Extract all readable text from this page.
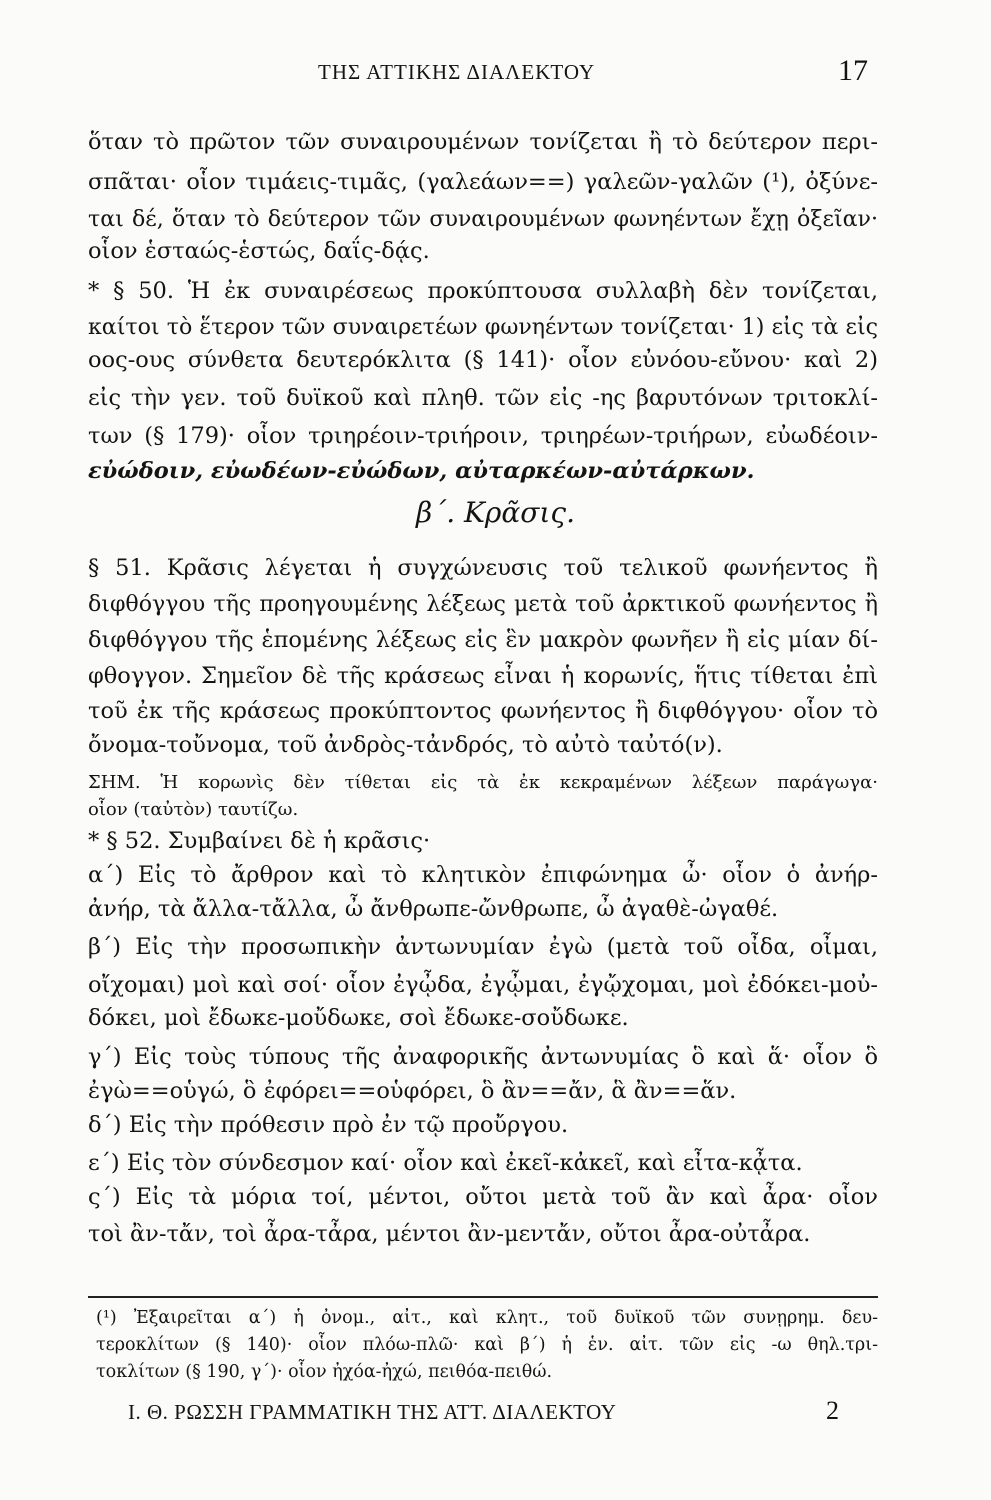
ΤΗΣ ΑΤΤΙΚΗΣ ΔΙΑΛΕΚΤΟΥ	17
ὅταν τὸ πρῶτον τῶν συναιρουμένων τονίζεται ἢ τὸ δεύτερον περι-
σπᾶται· οἷον τιμάεις-τιμᾶς, (γαλεάων==) γαλεῶν-γαλῶν (¹), ὀξύνε-
ται δέ, ὅταν τὸ δεύτερον τῶν συναιρουμένων φωνηέντων ἔχῃ ὀξεῖαν·
οἷον ἑσταώς-ἑστώς, δαΐς-δᾴς.
* § 50. Ἡ ἐκ συναιρέσεως προκύπτουσα συλλαβὴ δὲν τονίζεται,
καίτοι τὸ ἕτερον τῶν συναιρετέων φωνηέντων τονίζεται· 1) εἰς τὰ εἰς
οος-ους σύνθετα δευτερόκλιτα (§ 141)· οἷον εὐνόου-εὔνου· καὶ 2)
εἰς τὴν γεν. τοῦ δυϊκοῦ καὶ πληθ. τῶν εἰς -ης βαρυτόνων τριτοκλί-
των (§ 179)· οἷον τριηρέοιν-τριήροιν, τριηρέων-τριήρων, εὐωδέοιν-
εὐώδοιν, εὐωδέων-εὐώδων, αὐταρκέων-αὐτάρκων.
β΄. Κρᾶσις.
§ 51. Κρᾶσις λέγεται ἡ συγχώνευσις τοῦ τελικοῦ φωνήεντος ἢ
διφθόγγου τῆς προηγουμένης λέξεως μετὰ τοῦ ἀρκτικοῦ φωνήεντος ἢ
διφθόγγου τῆς ἑπομένης λέξεως εἰς ἓν μακρὸν φωνῆεν ἢ εἰς μίαν δί-
φθογγον. Σημεῖον δὲ τῆς κράσεως εἶναι ἡ κορωνίς, ἥτις τίθεται ἐπὶ
τοῦ ἐκ τῆς κράσεως προκύπτοντος φωνήεντος ἢ διφθόγγου· οἷον τὸ
ὄνομα-τοὔνομα, τοῦ ἀνδρὸς-τἀνδρός, τὸ αὐτὸ ταὐτό(ν).
ΣΗΜ. Ἡ κορωνὶς δὲν τίθεται εἰς τὰ ἐκ κεκραμένων λέξεων παράγωγα·
οἷον (ταὐτὸν) ταυτίζω.
* § 52. Συμβαίνει δὲ ἡ κρᾶσις·
α΄) Εἰς τὸ ἄρθρον καὶ τὸ κλητικὸν ἐπιφώνημα ὦ· οἷον ὁ ἀνήρ-
ἀνήρ, τὰ ἄλλα-τἄλλα, ὦ ἄνθρωπε-ὤνθρωπε, ὦ ἀγαθὲ-ὠγαθέ.
β΄) Εἰς τὴν προσωπικὴν ἀντωνυμίαν ἐγὼ (μετὰ τοῦ οἶδα, οἶμαι,
οἴχομαι) μοὶ καὶ σοί· οἷον ἐγᾦδα, ἐγᾦμαι, ἐγᾤχομαι, μοὶ ἐδόκει-μοὐ-
δόκει, μοὶ ἔδωκε-μοὔδωκε, σοὶ ἔδωκε-σοὔδωκε.
γ΄) Εἰς τοὺς τύπους τῆς ἀναφορικῆς ἀντωνυμίας ὃ καὶ ἅ· οἷον ὃ
ἐγὼ==οὑγώ, ὃ ἐφόρει==οὑφόρει, ὃ ἂν==ἄν, ἃ ἂν==ἅν.
δ΄) Εἰς τὴν πρόθεσιν πρὸ ἐν τῷ προὔργου.
ε΄) Εἰς τὸν σύνδεσμον καί· οἷον καὶ ἐκεῖ-κἀκεῖ, καὶ εἶτα-κᾆτα.
ς΄) Εἰς τὰ μόρια τοί, μέντοι, οὔτοι μετὰ τοῦ ἂν καὶ ἆρα· οἷον
τοὶ ἂν-τἄν, τοὶ ἆρα-τἆρα, μέντοι ἂν-μεντἄν, οὔτοι ἆρα-οὐτἆρα.
(¹) Ἐξαιρεῖται α΄) ἡ ὀνομ., αἰτ., καὶ κλητ., τοῦ δυϊκοῦ τῶν συνῃρημ. δευ-
τεροκλίτων (§ 140)· οἷον πλόω-πλῶ· καὶ β΄) ἡ ἑν. αἰτ. τῶν εἰς -ω θηλ.τρι-
τοκλίτων (§ 190, γ΄)· οἷον ἠχόα-ἠχώ, πειθόα-πειθώ.
Ι. Θ. ΡΩΣΣΗ ΓΡΑΜΜΑΤΙΚΗ ΤΗΣ ΑΤΤ. ΔΙΑΛΕΚΤΟΥ	2
